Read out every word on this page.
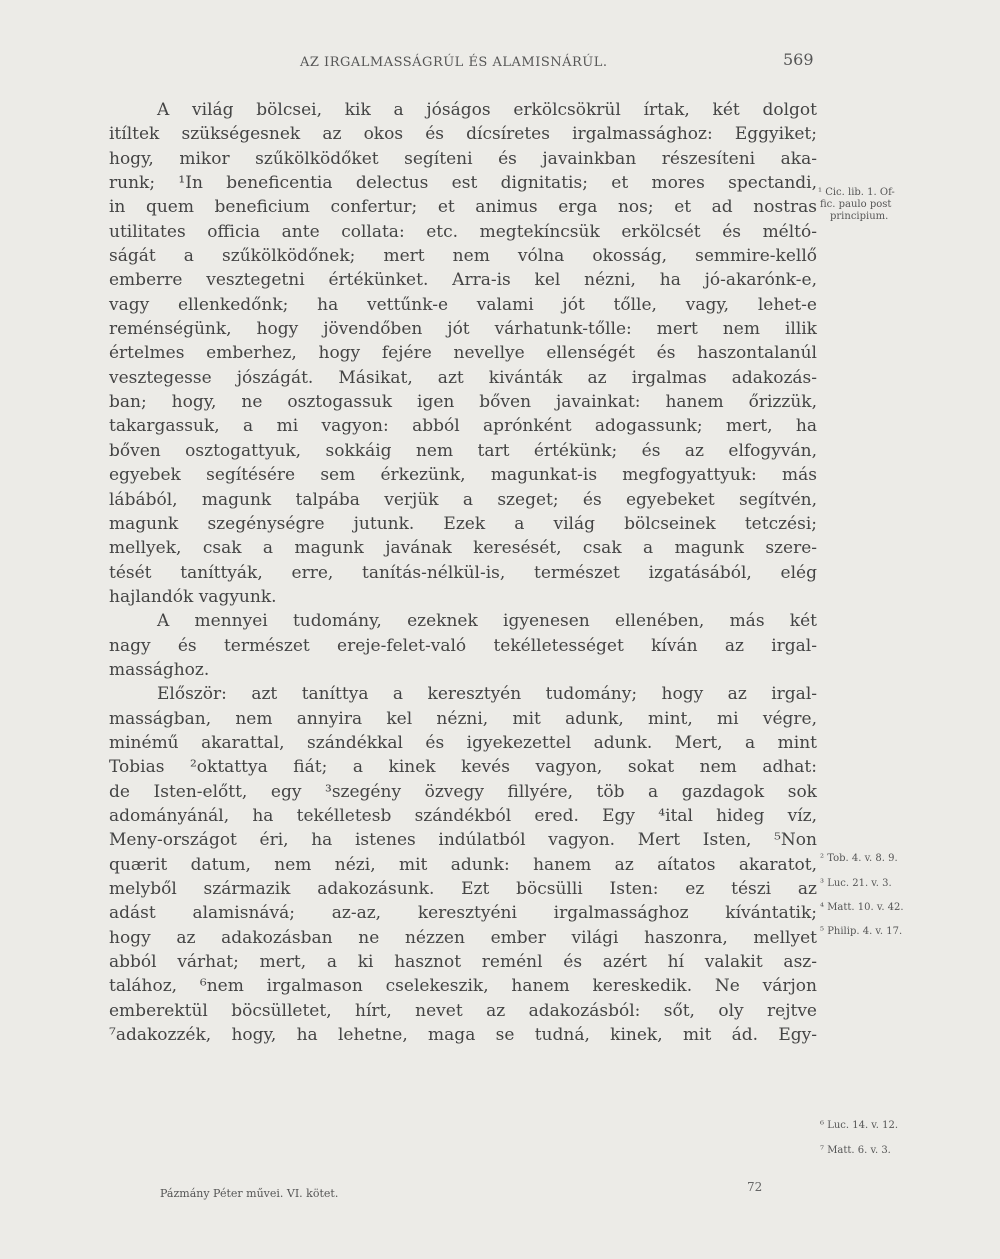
AZ IRGALMASSÁGRÚL ÉS ALAMISNÁRÚL.	569
A világ bölcsei, kik a jóságos erkölcsökrül írtak, két dolgot
itíltek szükségesnek az okos és dícsíretes irgalmassághoz: Eggyiket;
hogy, mikor szűkölködőket segíteni és javainkban részesíteni aka-
runk; ¹In beneficentia delectus est dignitatis; et mores spectandi,
in quem beneficium confertur; et animus erga nos; et ad nostras
utilitates officia ante collata: etc. megtekíncsük erkölcsét és méltó-
ságát a szűkölködőnek; mert nem vólna okosság, semmire-kellő
emberre vesztegetni értékünket. Arra-is kel nézni, ha jó-akarónk-e,
vagy ellenkedőnk; ha vettűnk-e valami jót tőlle, vagy, lehet-e
reménségünk, hogy jövendőben jót várhatunk-tőlle: mert nem illik
értelmes emberhez, hogy fejére nevellye ellenségét és haszontalanúl
vesztegesse jószágát. Másikat, azt kivánták az irgalmas adakozás-
ban; hogy, ne osztogassuk igen bőven javainkat: hanem őrizzük,
takargassuk, a mi vagyon: abból aprónként adogassunk; mert, ha
bőven osztogattyuk, sokkáig nem tart értékünk; és az elfogyván,
egyebek segítésére sem érkezünk, magunkat-is megfogyattyuk: más
lábából, magunk talpába verjük a szeget; és egyebeket segítvén,
magunk szegénységre jutunk. Ezek a világ bölcseinek tetczési;
mellyek, csak a magunk javának keresését, csak a magunk szere-
tését taníttyák, erre, tanítás-nélkül-is, természet izgatásából, elég
hajlandók vagyunk.
A mennyei tudomány, ezeknek igyenesen ellenében, más két
nagy és természet ereje-felet-való tekélletességet kíván az irgal-
massághoz.
Először: azt taníttya a keresztyén tudomány; hogy az irgal-
masságban, nem annyira kel nézni, mit adunk, mint, mi végre,
minémű akarattal, szándékkal és igyekezettel adunk. Mert, a mint
Tobias ²oktattya fiát; a kinek kevés vagyon, sokat nem adhat:
de Isten-előtt, egy ³szegény özvegy fillyére, töb a gazdagok sok
adományánál, ha tekélletesb szándékból ered. Egy ⁴ital hideg víz,
Meny-országot éri, ha istenes indúlatból vagyon. Mert Isten, ⁵Non
quærit datum, nem nézi, mit adunk: hanem az aítatos akaratot,
melyből származik adakozásunk. Ezt böcsülli Isten: ez tészi az
adást alamisnává; az-az, keresztyéni irgalmassághoz kívántatik;
hogy az adakozásban ne nézzen ember világi haszonra, mellyet
abból várhat; mert, a ki hasznot reménl és azért hí valakit asz-
talához, ⁶nem irgalmason cselekeszik, hanem kereskedik. Ne várjon
emberektül böcsülletet, hírt, nevet az adakozásból: sőt, oly rejtve
⁷adakozzék, hogy, ha lehetne, maga se tudná, kinek, mit ád. Egy-
¹ Cic. lib. 1. Of-
fic. paulo post
principium.
² Tob. 4. v. 8. 9.
³ Luc. 21. v. 3.
⁴ Matt. 10. v. 42.
⁵ Philip. 4. v. 17.
⁶ Luc. 14. v. 12.
⁷ Matt. 6. v. 3.
Pázmány Péter művei. VI. kötet.	72
